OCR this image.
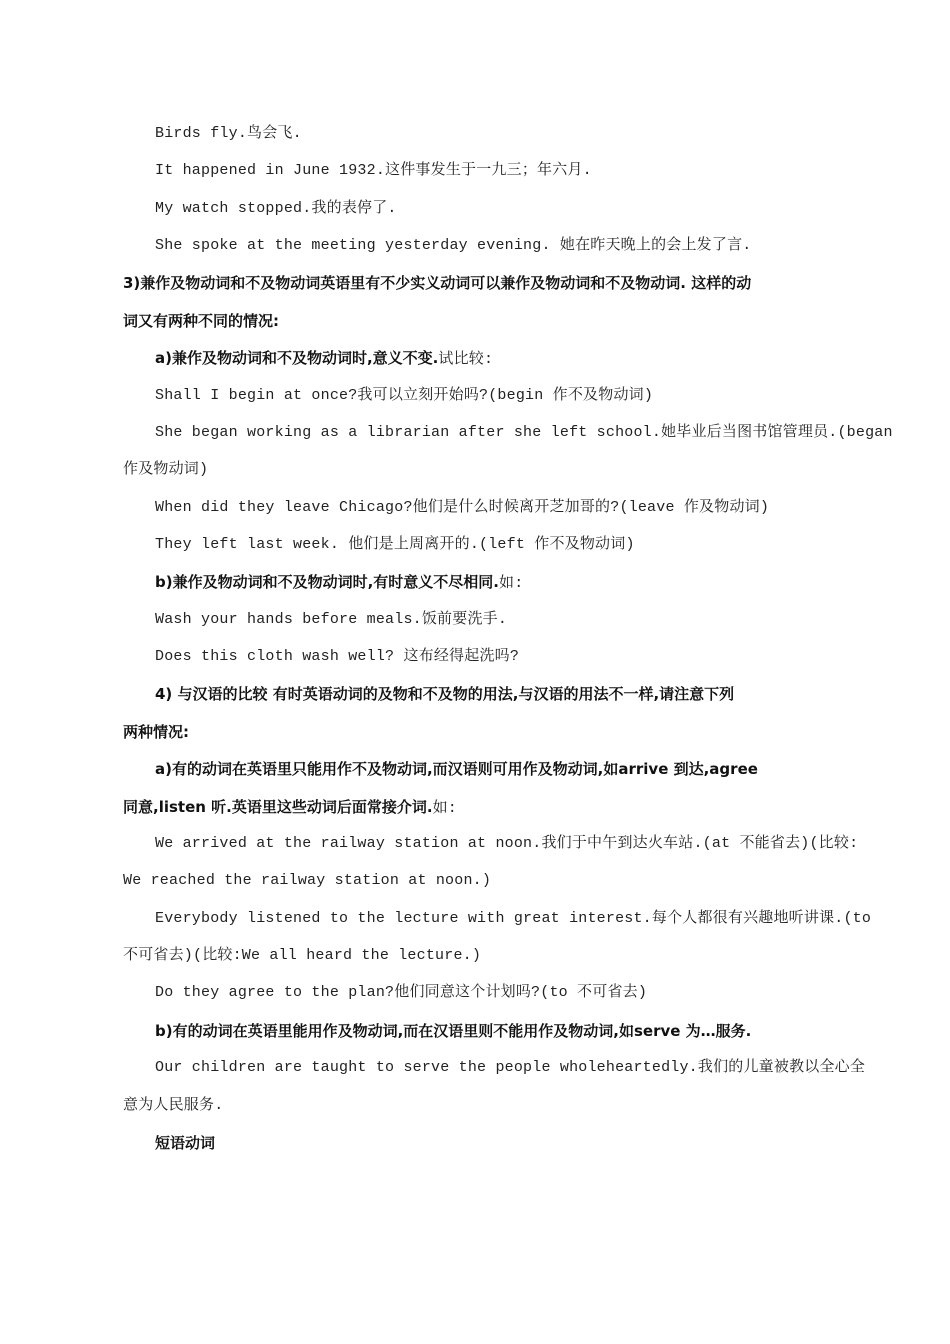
Birds fly.鸟会飞.
It happened in June 1932.这件事发生于一九三；年六月.
My watch stopped.我的表停了.
She spoke at the meeting yesterday evening. 她在昨天晚上的会上发了言.
3)兼作及物动词和不及物动词英语里有不少实义动词可以兼作及物动词和不及物动词. 这样的动
词又有两种不同的情况:
a)兼作及物动词和不及物动词时,意义不变.试比较:
Shall I begin at once?我可以立刻开始吗?(begin 作不及物动词)
She began working as a librarian after she left school.她毕业后当图书馆管理员.(began
作及物动词)
When did they leave Chicago?他们是什么时候离开芝加哥的?(leave 作及物动词)
They left last week. 他们是上周离开的.(left 作不及物动词)
b)兼作及物动词和不及物动词时,有时意义不尽相同.如:
Wash your hands before meals.饭前要洗手.
Does this cloth wash well? 这布经得起洗吗?
4) 与汉语的比较 有时英语动词的及物和不及物的用法,与汉语的用法不一样,请注意下列
两种情况:
a)有的动词在英语里只能用作不及物动词,而汉语则可用作及物动词,如arrive 到达,agree
同意,listen 听.英语里这些动词后面常接介词.如:
We arrived at the railway station at noon.我们于中午到达火车站.(at 不能省去)(比较:
We reached the railway station at noon.)
Everybody listened to the lecture with great interest.每个人都很有兴趣地听讲课.(to
不可省去)(比较:We all heard the lecture.)
Do they agree to the plan?他们同意这个计划吗?(to 不可省去)
b)有的动词在英语里能用作及物动词,而在汉语里则不能用作及物动词,如serve 为…服务.
Our children are taught to serve the people wholeheartedly.我们的儿童被教以全心全
意为人民服务.
短语动词
